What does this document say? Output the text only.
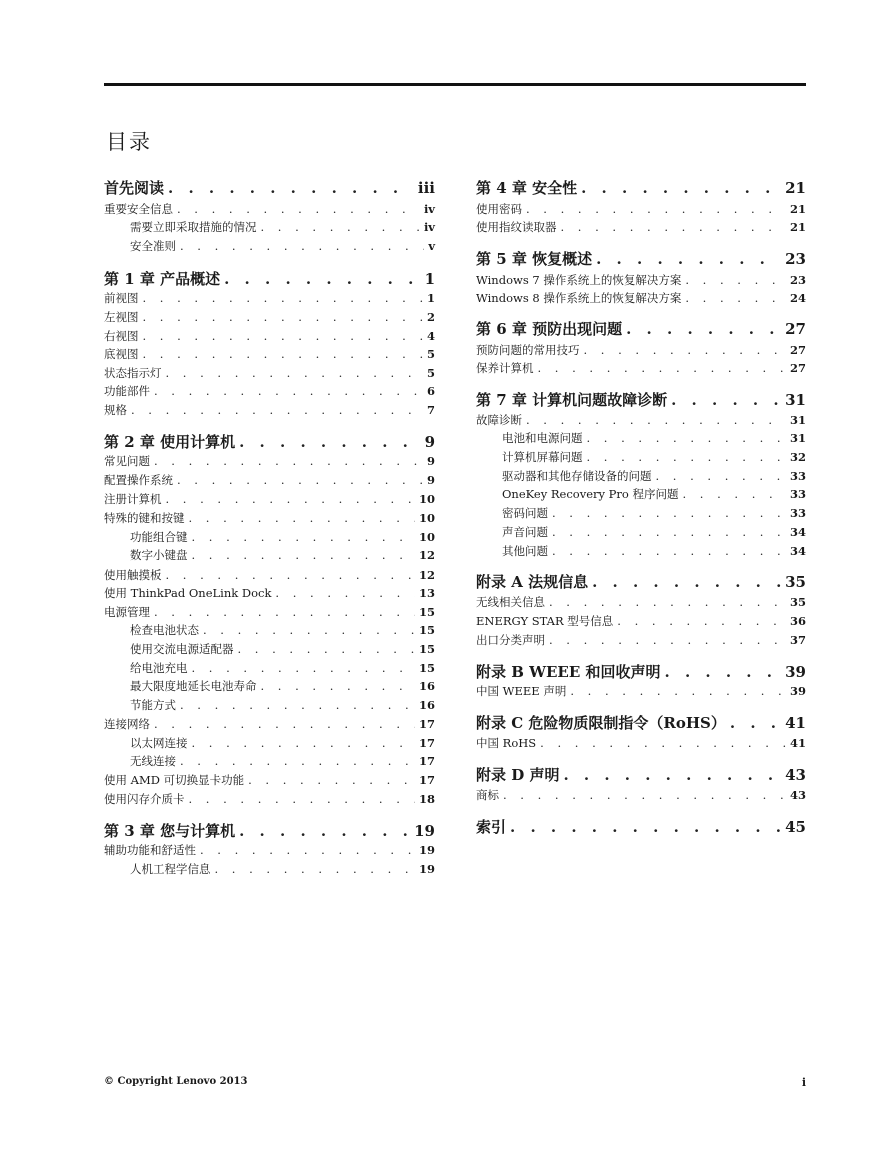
目录
首先阅读 . . .	iii
重要安全信息 . . .	iv
需要立即采取措施的情况 . . .	iv
安全准则 . . .	v
第 1 章 产品概述 . . .	1
前视图 . . .	1
左视图 . . .	2
右视图 . . .	4
底视图 . . .	5
状态指示灯 . . .	5
功能部件 . . .	6
规格 . . .	7
第 2 章 使用计算机 . . .	9
常见问题 . . .	9
配置操作系统 . . .	9
注册计算机 . . .	10
特殊的键和按键 . . .	10
功能组合键 . . .	10
数字小键盘 . . .	12
使用触摸板 . . .	12
使用 ThinkPad OneLink Dock . . .	13
电源管理 . . .	15
检查电池状态 . . .	15
使用交流电源适配器 . . .	15
给电池充电 . . .	15
最大限度地延长电池寿命 . . .	16
节能方式 . . .	16
连接网络 . . .	17
以太网连接 . . .	17
无线连接 . . .	17
使用 AMD 可切换显卡功能 . . .	17
使用闪存介质卡 . . .	18
第 3 章 您与计算机 . . .	19
辅助功能和舒适性 . . .	19
人机工程学信息 . . .	19
第 4 章 安全性 . . .	21
使用密码 . . .	21
使用指纹读取器 . . .	21
第 5 章 恢复概述 . . .	23
Windows 7 操作系统上的恢复解决方案 . . .	23
Windows 8 操作系统上的恢复解决方案 . . .	24
第 6 章 预防出现问题 . . .	27
预防问题的常用技巧 . . .	27
保养计算机 . . .	27
第 7 章 计算机问题故障诊断 . . .	31
故障诊断 . . .	31
电池和电源问题 . . .	31
计算机屏幕问题 . . .	32
驱动器和其他存储设备的问题 . . .	33
OneKey Recovery Pro 程序问题 . . .	33
密码问题 . . .	33
声音问题 . . .	34
其他问题 . . .	34
附录 A 法规信息 . . .	35
无线相关信息 . . .	35
ENERGY STAR 型号信息 . . .	36
出口分类声明 . . .	37
附录 B WEEE 和回收声明 . . .	39
中国 WEEE 声明 . . .	39
附录 C 危险物质限制指令（RoHS） . . .	41
中国 RoHS . . .	41
附录 D 声明 . . .	43
商标 . . .	43
索引 . . .	45
© Copyright Lenovo 2013	i
